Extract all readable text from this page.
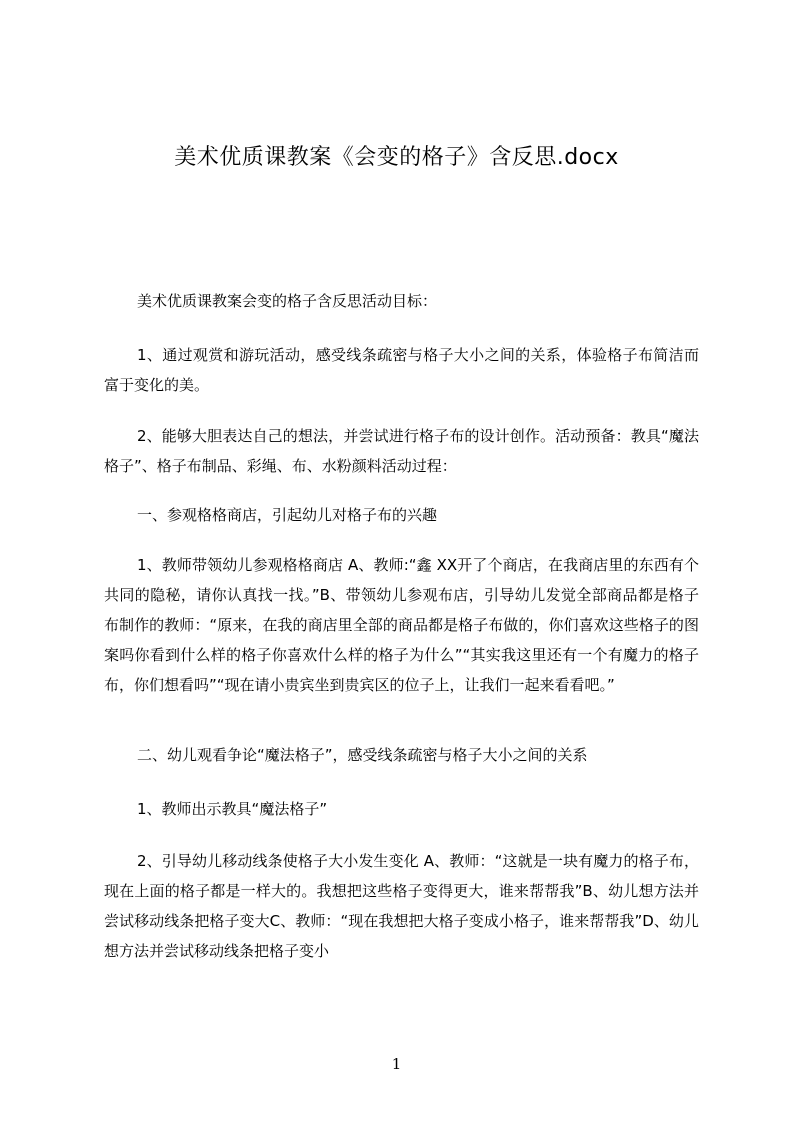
美术优质课教案《会变的格子》含反思.docx

美术优质课教案会变的格子含反思活动目标：

1、通过观赏和游玩活动，感受线条疏密与格子大小之间的关系，体验格子布简洁而富于变化的美。

2、能够大胆表达自己的想法，并尝试进行格子布的设计创作。活动预备：教具“魔法格子”、格子布制品、彩绳、布、水粉颜料活动过程：

一、参观格格商店，引起幼儿对格子布的兴趣

1、教师带领幼儿参观格格商店 A、教师:“鑫 XX开了个商店，在我商店里的东西有个共同的隐秘，请你认真找一找。”B、带领幼儿参观布店，引导幼儿发觉全部商品都是格子布制作的教师：“原来，在我的商店里全部的商品都是格子布做的，你们喜欢这些格子的图案吗你看到什么样的格子你喜欢什么样的格子为什么”“其实我这里还有一个有魔力的格子布，你们想看吗”“现在请小贵宾坐到贵宾区的位子上，让我们一起来看看吧。”

二、幼儿观看争论“魔法格子”，感受线条疏密与格子大小之间的关系

1、教师出示教具“魔法格子”

2、引导幼儿移动线条使格子大小发生变化 A、教师：“这就是一块有魔力的格子布，现在上面的格子都是一样大的。我想把这些格子变得更大，谁来帮帮我”B、幼儿想方法并尝试移动线条把格子变大C、教师：“现在我想把大格子变成小格子，谁来帮帮我”D、幼儿想方法并尝试移动线条把格子变小

1
